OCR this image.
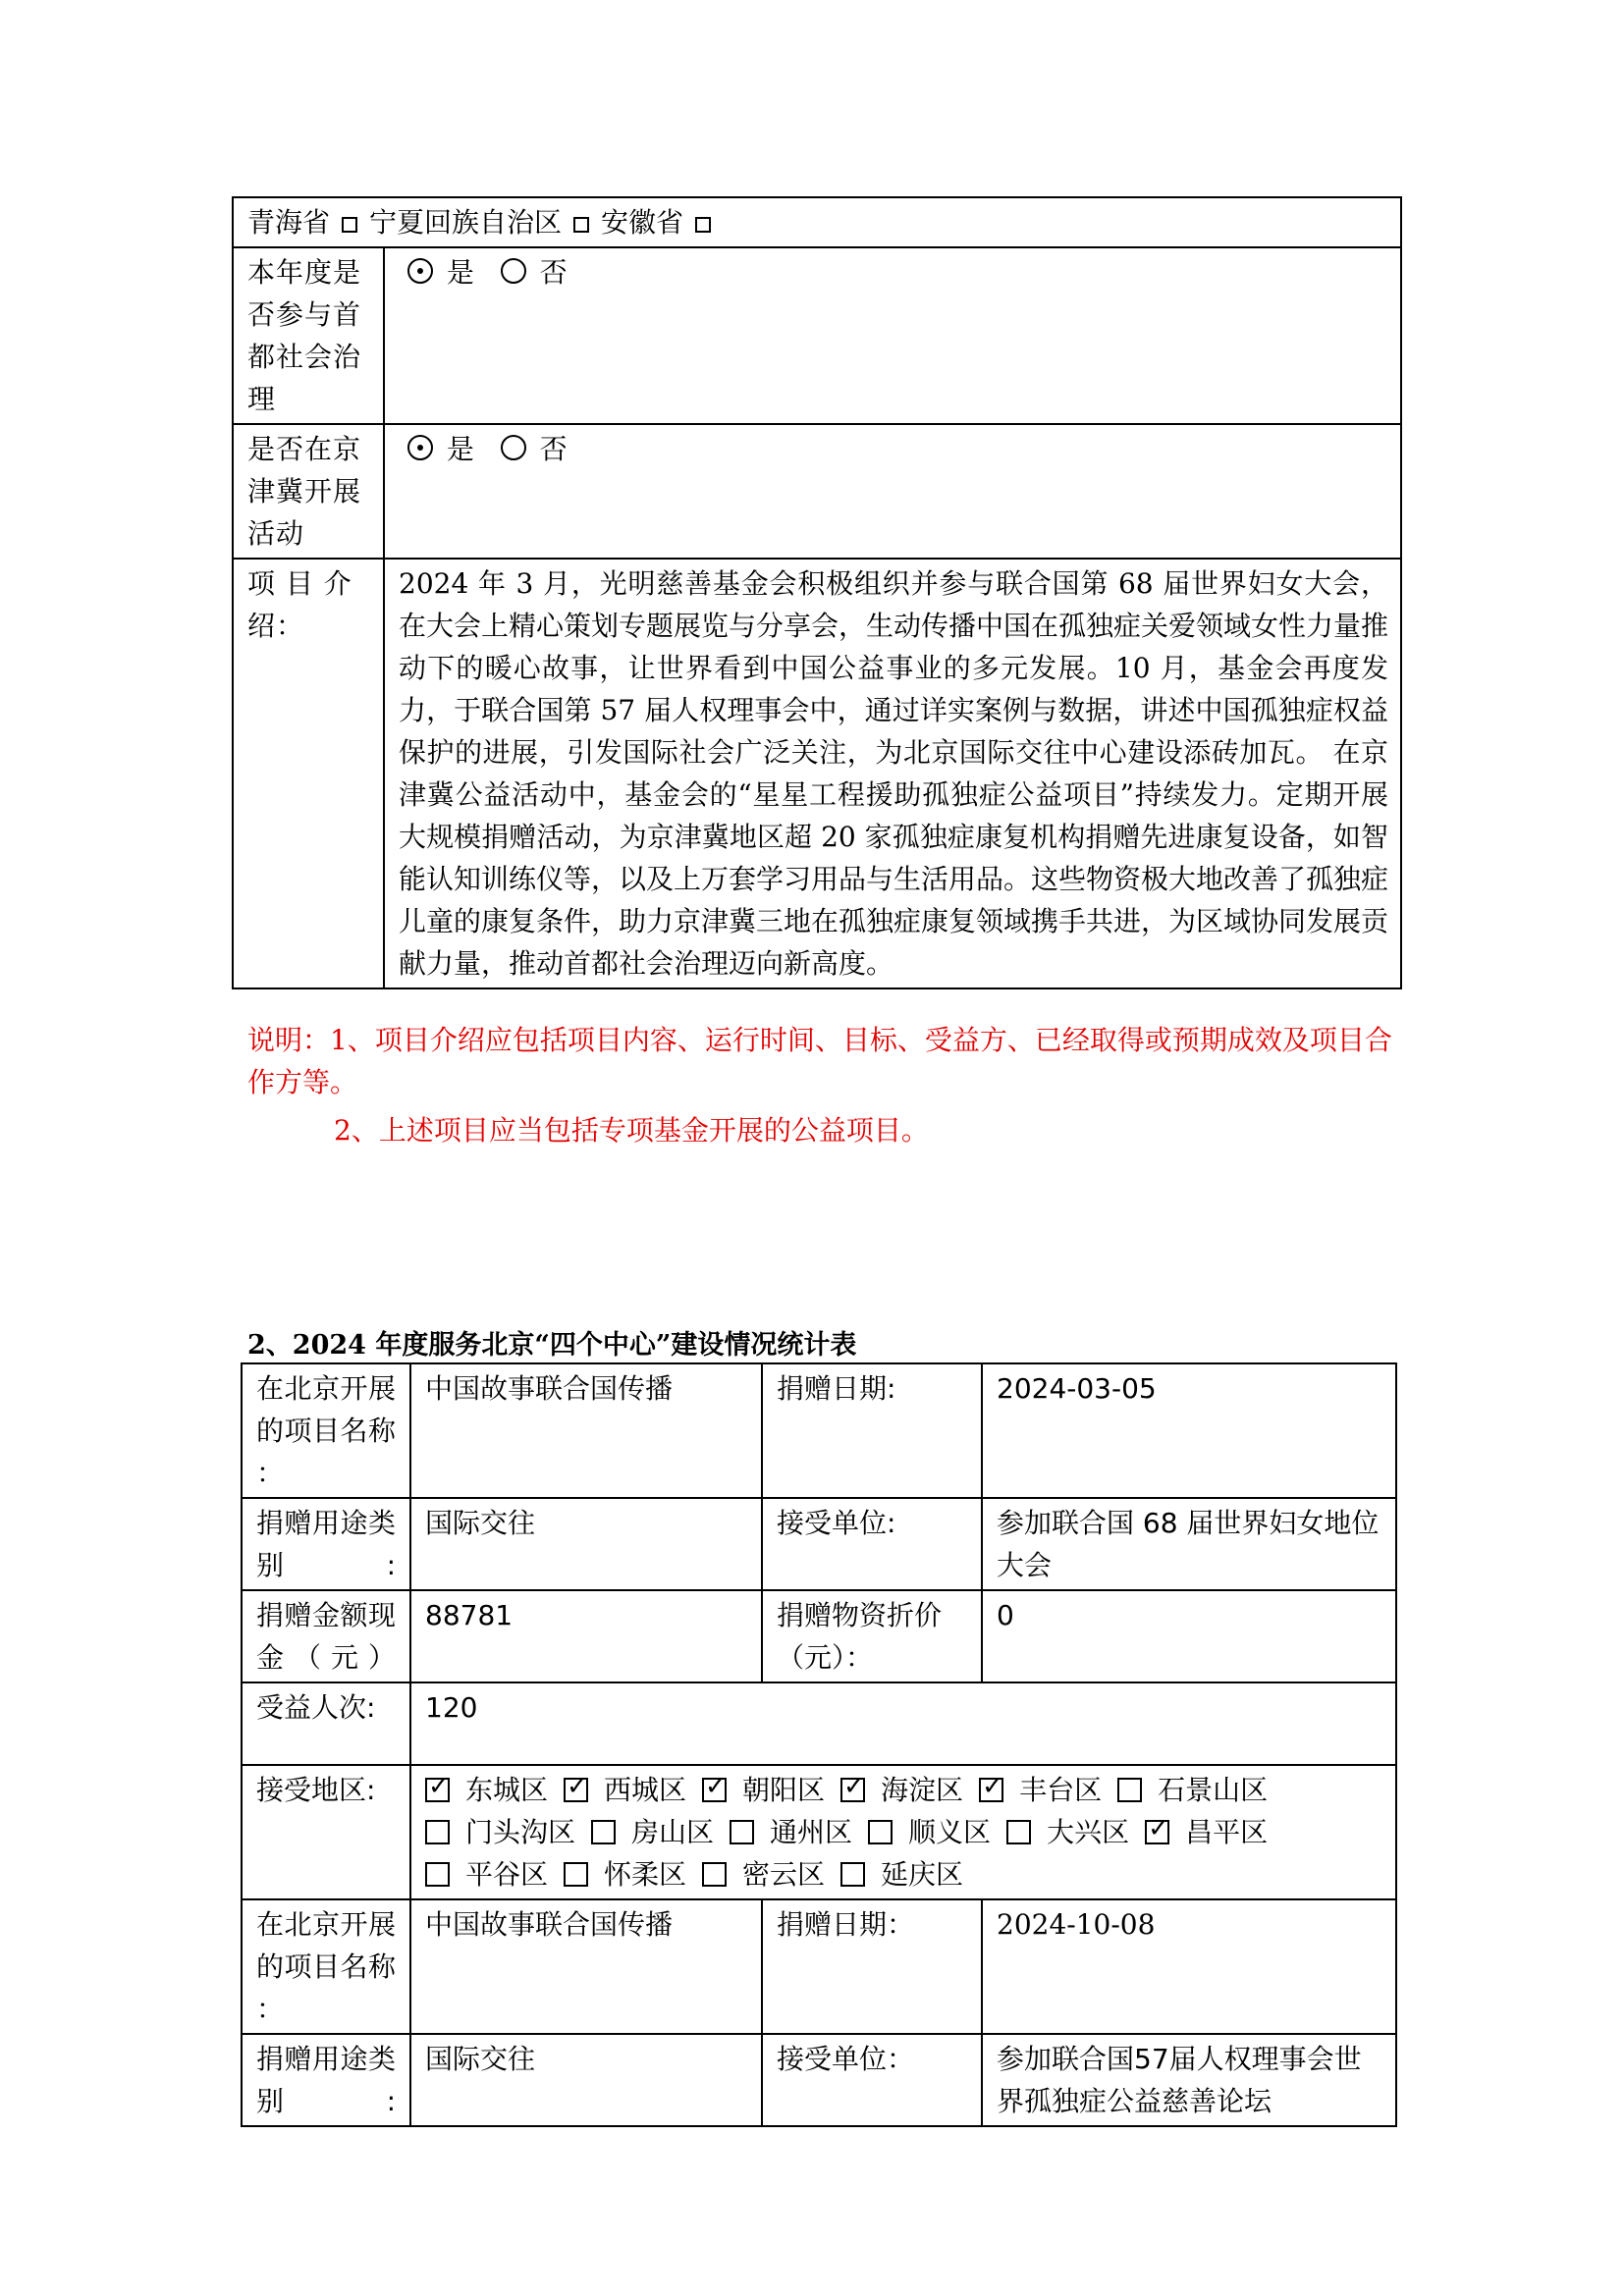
青海省 宁夏回族自治区 安徽省	
本年度是否参与首都社会治理	是 否
是否在京津冀开展活动	是 否
项 目 介 绍：	2024 年 3 月，光明慈善基金会积极组织并参与联合国第 68 届世界妇女大会，在大会上精心策划专题展览与分享会，生动传播中国在孤独症关爱领域女性力量推动下的暖心故事，让世界看到中国公益事业的多元发展。10 月，基金会再度发力，于联合国第 57 届人权理事会中，通过详实案例与数据，讲述中国孤独症权益保护的进展，引发国际社会广泛关注，为北京国际交往中心建设添砖加瓦。 在京津冀公益活动中，基金会的“星星工程援助孤独症公益项目”持续发力。定期开展大规模捐赠活动，为京津冀地区超 20 家孤独症康复机构捐赠先进康复设备，如智能认知训练仪等，以及上万套学习用品与生活用品。这些物资极大地改善了孤独症儿童的康复条件，助力京津冀三地在孤独症康复领域携手共进，为区域协同发展贡献力量，推动首都社会治理迈向新高度。
说明：1、项目介绍应包括项目内容、运行时间、目标、受益方、已经取得或预期成效及项目合作方等。
2、上述项目应当包括专项基金开展的公益项目。
2、2024 年度服务北京“四个中心”建设情况统计表
在北京开展的项目名称 ：	中国故事联合国传播	捐赠日期:	2024-03-05

捐赠用途类别:	国际交往	接受单位:	参加联合国 68 届世界妇女地位大会

捐赠金额现金（元）	88781	捐赠物资折价（元）：	0
受益人次:	120		
接受地区:	✓东城区 ✓ 西城区 ✓ 朝阳区 ✓ 海淀区 ✓ 丰台区 石景山区门头沟区 房山区 通州区 顺义区 大兴区 ✓ 昌平区平谷区 怀柔区 密云区 延庆区

在北京开展的项目名称 ：	中国故事联合国传播	捐赠日期：	2024-10-08

捐赠用途类别:	国际交往	接受单位：	参加联合国57届人权理事会世界孤独症公益慈善论坛
